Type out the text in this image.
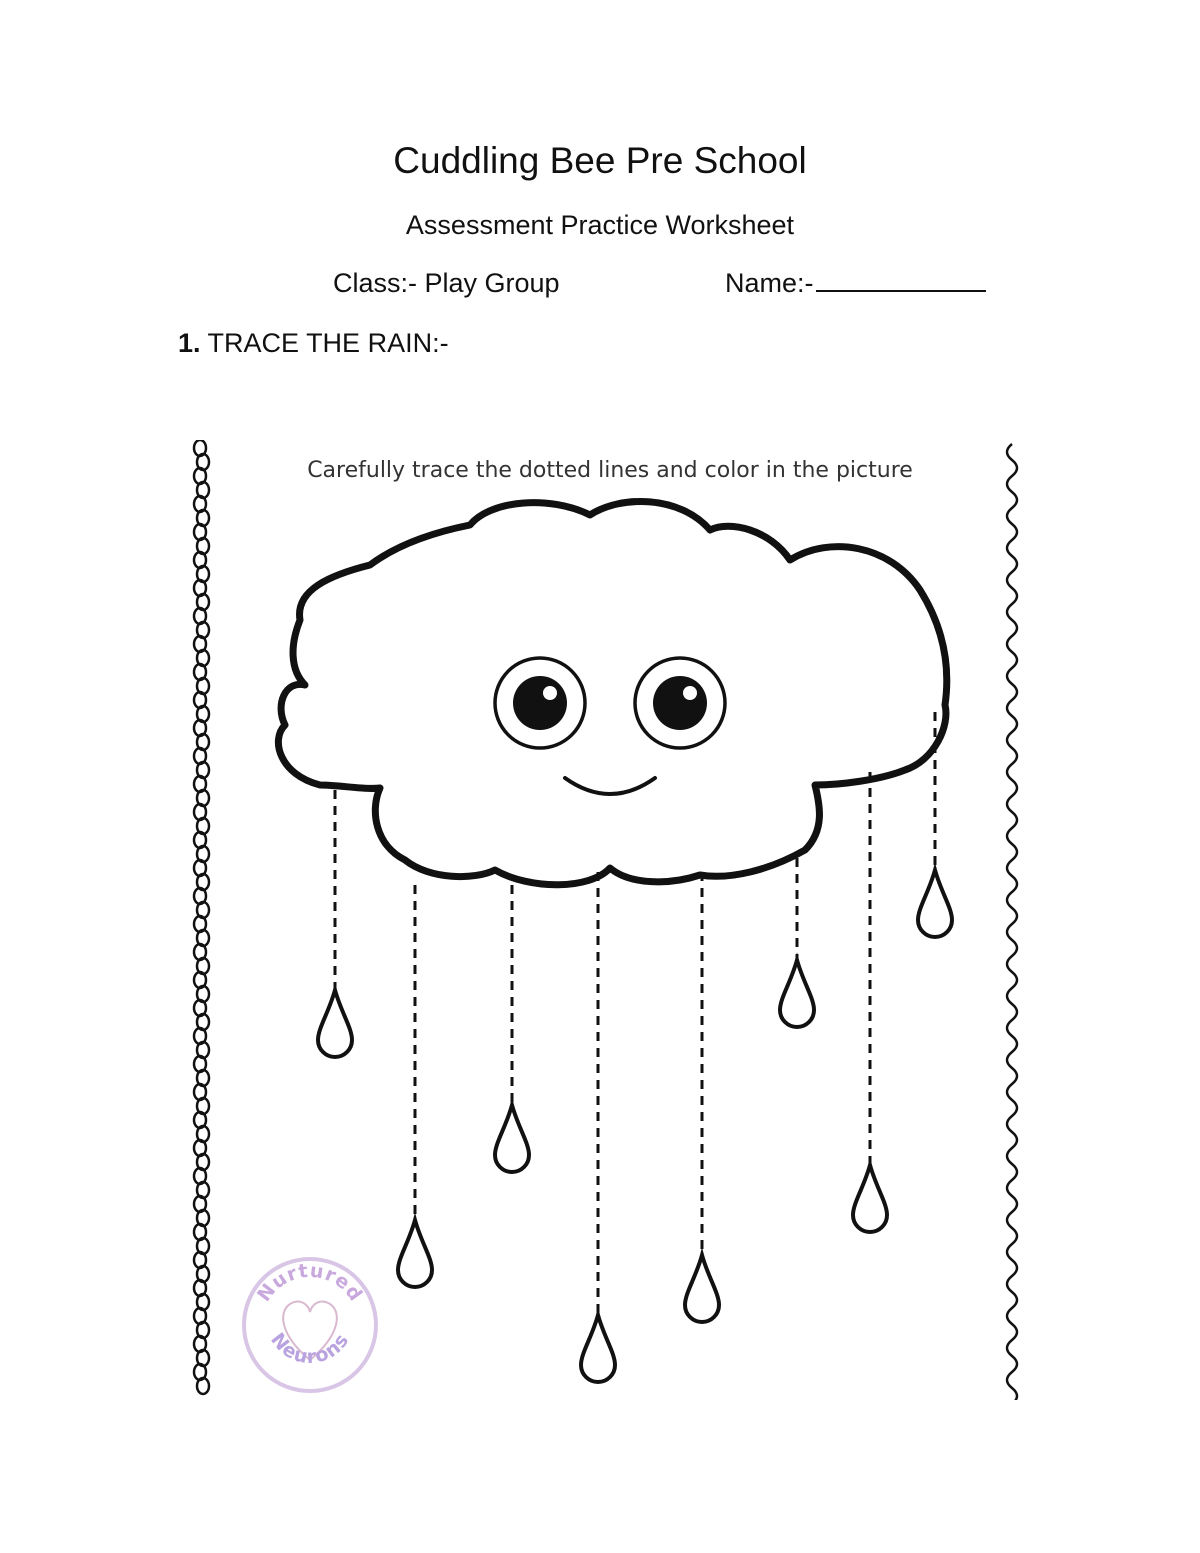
Cuddling Bee Pre School
Assessment Practice Worksheet
Class:- Play Group	Name:-
1. TRACE THE RAIN:-
Nurtured
Neurons
Carefully trace the dotted lines and color in the picture
